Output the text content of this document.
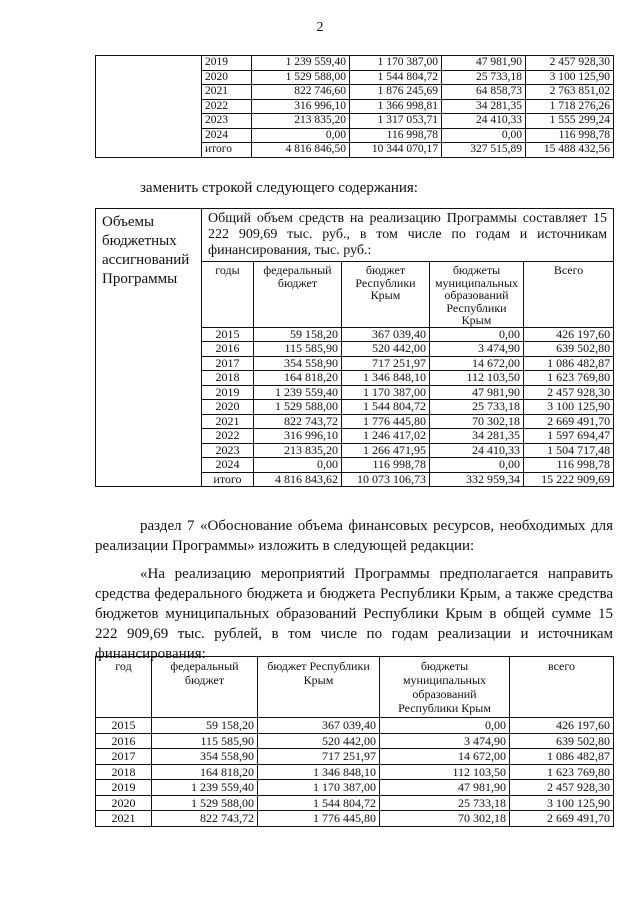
2
	2019	1 239 559,40	1 170 387,00	47 981,90	2 457 928,30
	2020	1 529 588,00	1 544 804,72	25 733,18	3 100 125,90
	2021	822 746,60	1 876 245,69	64 858,73	2 763 851,02
	2022	316 996,10	1 366 998,81	34 281,35	1 718 276,26
	2023	213 835,20	1 317 053,71	24 410,33	1 555 299,24
	2024	0,00	116 998,78	0,00	116 998,78
	итого	4 816 846,50	10 344 070,17	327 515,89	15 488 432,56
заменить строкой следующего содержания:
Объемы бюджетных ассигнований Программы	Общий объем средств на реализацию Программы составляет 15 222 909,69 тыс. руб., в том числе по годам и источникам финансирования, тыс. руб.:				
	годы	федеральный бюджет	бюджет Республики Крым	бюджеты муниципальных образований Республики Крым	Всего
	2015	59 158,20	367 039,40	0,00	426 197,60
	2016	115 585,90	520 442,00	3 474,90	639 502,80
	2017	354 558,90	717 251,97	14 672,00	1 086 482,87
	2018	164 818,20	1 346 848,10	112 103,50	1 623 769,80
	2019	1 239 559,40	1 170 387,00	47 981,90	2 457 928,30
	2020	1 529 588,00	1 544 804,72	25 733,18	3 100 125,90
	2021	822 743,72	1 776 445,80	70 302,18	2 669 491,70
	2022	316 996,10	1 246 417,02	34 281,35	1 597 694,47
	2023	213 835,20	1 266 471,95	24 410,33	1 504 717,48
	2024	0,00	116 998,78	0,00	116 998,78
	итого	4 816 843,62	10 073 106,73	332 959,34	15 222 909,69
раздел 7 «Обоснование объема финансовых ресурсов, необходимых для реализации Программы» изложить в следующей редакции:
«На реализацию мероприятий Программы предполагается направить средства федерального бюджета и бюджета Республики Крым, а также средства бюджетов муниципальных образований Республики Крым в общей сумме 15 222 909,69 тыс. рублей, в том числе по годам реализации и источникам финансирования:
год	федеральный бюджет	бюджет Республики Крым	бюджеты муниципальных образований Республики Крым	всего
2015	59 158,20	367 039,40	0,00	426 197,60
2016	115 585,90	520 442,00	3 474,90	639 502,80
2017	354 558,90	717 251,97	14 672,00	1 086 482,87
2018	164 818,20	1 346 848,10	112 103,50	1 623 769,80
2019	1 239 559,40	1 170 387,00	47 981,90	2 457 928,30
2020	1 529 588,00	1 544 804,72	25 733,18	3 100 125,90
2021	822 743,72	1 776 445,80	70 302,18	2 669 491,70
